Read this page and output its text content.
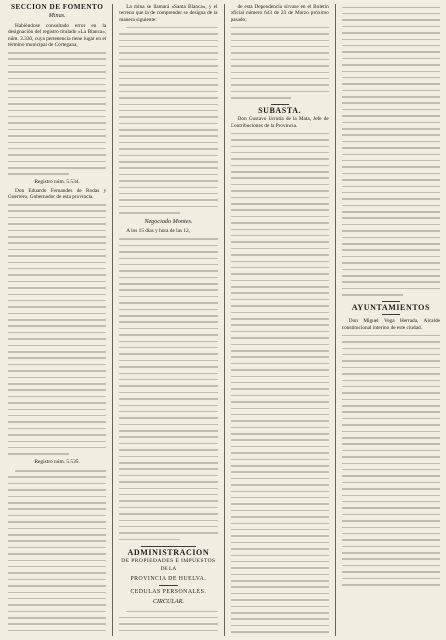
SECCION DE FOMENTO
Minas.

Habiéndose consultado error en la designación del registro titulado «La Blanca», núm. 3.330, cuya pertenencia tiene lugar en el término municipal de Cortegana,

Registro núm. 5.534.

Don Eduardo Fernandes de Rodas y Guerrero, Gobernador de esta provincia.

Registro núm. 5.535.

La mina se llamará «Santa Blanca», y el terreno que la de comprender se designa de la manera siguiente:

Negociado Montes.

A los 15 días y hora de las 12,

ADMINISTRACION
DE PROPIEDADES E IMPUESTOS
DE LA
PROVINCIA DE HUELVA.
CEDULAS PERSONALES.
CIRCULAR.

de esta Dependencia sírvase en el Boletín oficial número 643 de 23 de Marzo próximo pasado;

SUBASTA.

Don Gustavo Urrutia de la Mata, Jefe de Contribuciones de la Provincia.

AYUNTAMIENTOS

Don Miguel Vega Herrada, Alcalde constitucional interino de este ciudad.
